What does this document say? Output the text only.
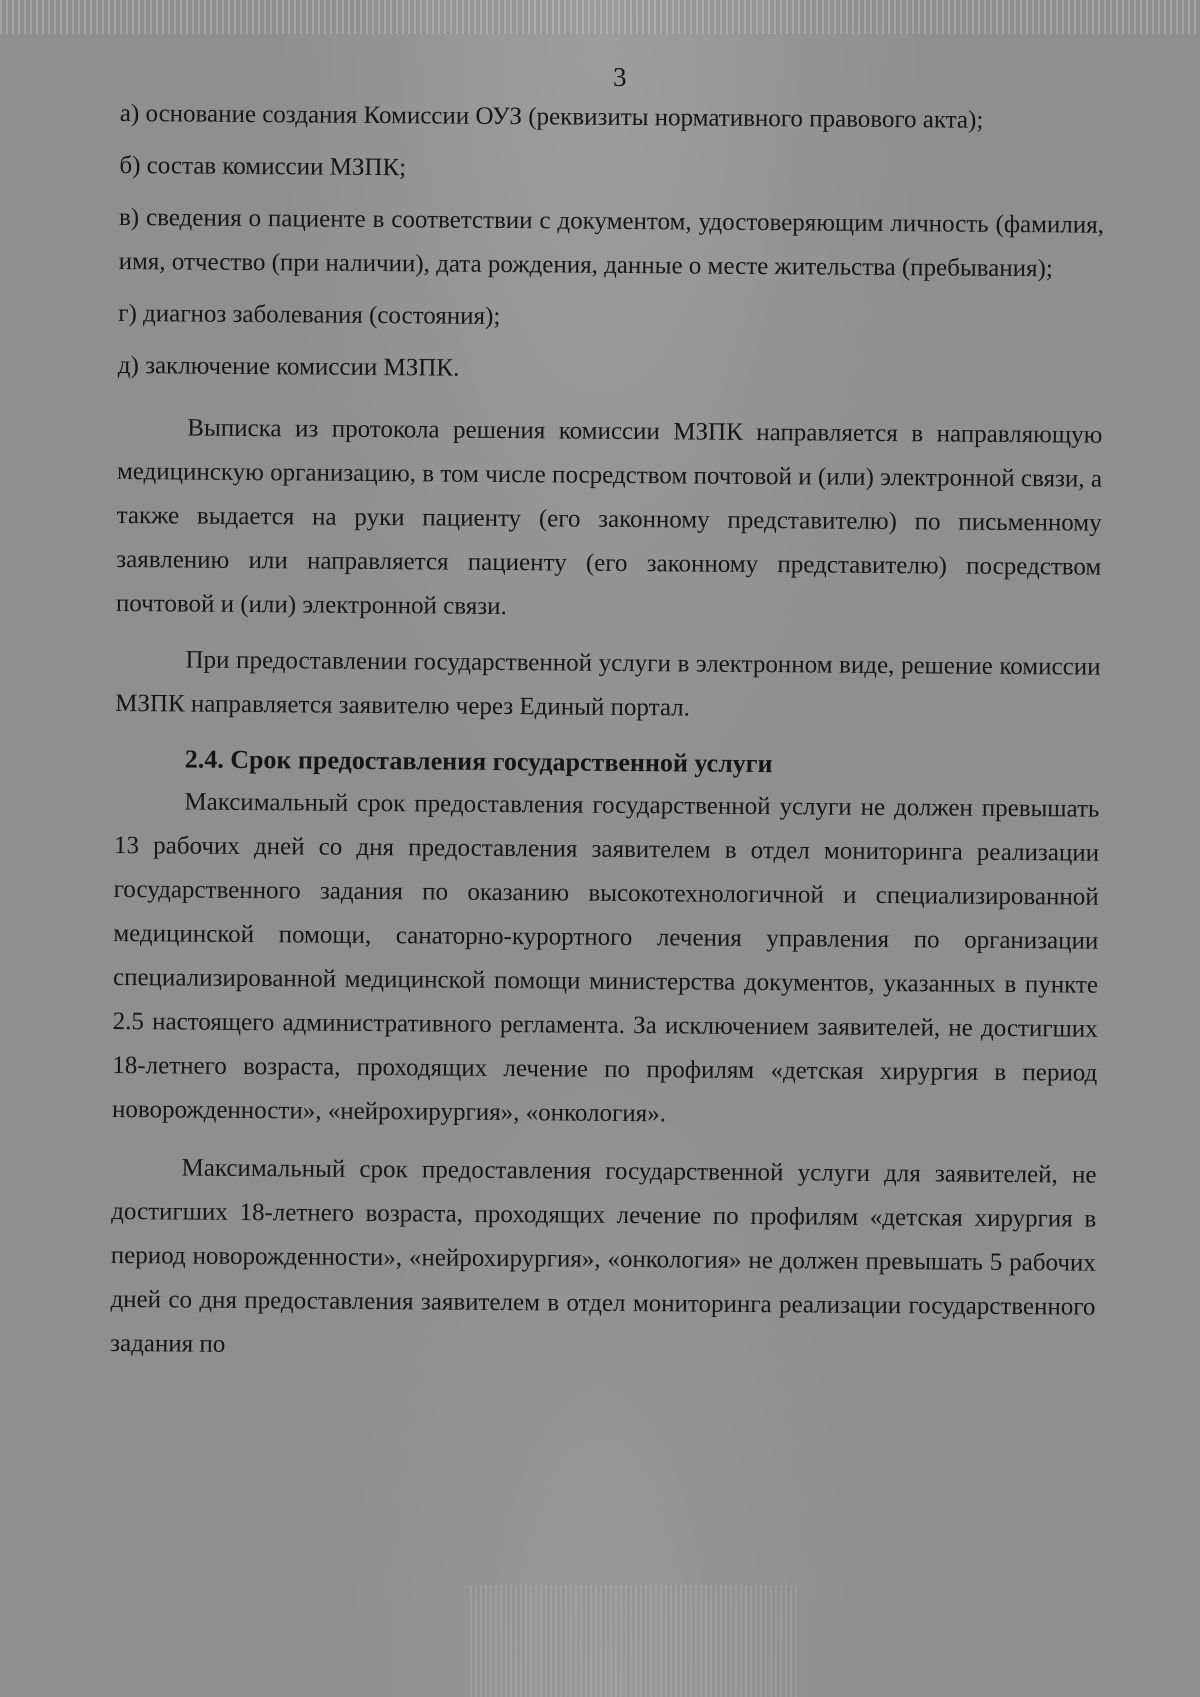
3

а) основание создания Комиссии ОУЗ (реквизиты нормативного правового акта);

б) состав комиссии МЗПК;

в) сведения о пациенте в соответствии с документом, удостоверяющим личность (фамилия, имя, отчество (при наличии), дата рождения, данные о месте жительства (пребывания);

г) диагноз заболевания (состояния);

д) заключение комиссии МЗПК.

Выписка из протокола решения комиссии МЗПК направляется в направляющую медицинскую организацию, в том числе посредством почтовой и (или) электронной связи, а также выдается на руки пациенту (его законному представителю) по письменному заявлению или направляется пациенту (его законному представителю) посредством почтовой и (или) электронной связи.

При предоставлении государственной услуги в электронном виде, решение комиссии МЗПК направляется заявителю через Единый портал.

2.4. Срок предоставления государственной услуги

Максимальный срок предоставления государственной услуги не должен превышать 13 рабочих дней со дня предоставления заявителем в отдел мониторинга реализации государственного задания по оказанию высокотехнологичной и специализированной медицинской помощи, санаторно-курортного лечения управления по организации специализированной медицинской помощи министерства документов, указанных в пункте 2.5 настоящего административного регламента. За исключением заявителей, не достигших 18-летнего возраста, проходящих лечение по профилям «детская хирургия в период новорожденности», «нейрохирургия», «онкология».

Максимальный срок предоставления государственной услуги для заявителей, не достигших 18-летнего возраста, проходящих лечение по профилям «детская хирургия в период новорожденности», «нейрохирургия», «онкология» не должен превышать 5 рабочих дней со дня предоставления заявителем в отдел мониторинга реализации государственного задания по
